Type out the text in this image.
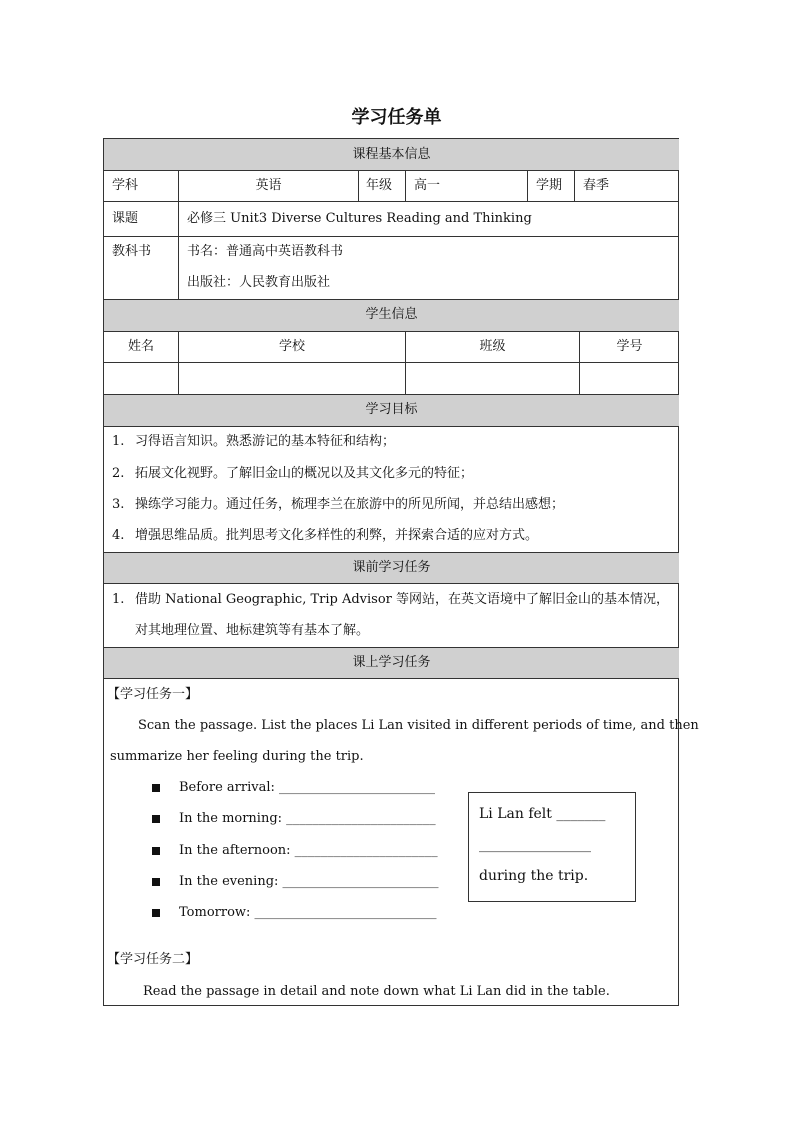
学习任务单
课程基本信息
学科	英语	年级 高一	学期 春季
课题	必修三 Unit3 Diverse Cultures Reading and Thinking
教科书	书名：普通高中英语教科书
出版社：人民教育出版社
学生信息
姓名	学校	班级	学号
学习目标
1. 习得语言知识。熟悉游记的基本特征和结构；
2. 拓展文化视野。了解旧金山的概况以及其文化多元的特征；
3. 操练学习能力。通过任务，梳理李兰在旅游中的所见所闻，并总结出感想；
4. 增强思维品质。批判思考文化多样性的利弊，并探索合适的应对方式。
课前学习任务
1. 借助 National Geographic, Trip Advisor 等网站，在英文语境中了解旧金山的基本情况，
对其地理位置、地标建筑等有基本了解。
课上学习任务
【学习任务一】
Scan the passage. List the places Li Lan visited in different periods of time, and then
summarize her feeling during the trip.
Before arrival: ________________________
In the morning: _______________________
In the afternoon: ______________________
In the evening: ________________________
Tomorrow: ____________________________
Li Lan felt _______
________________
during the trip.
【学习任务二】
Read the passage in detail and note down what Li Lan did in the table.
